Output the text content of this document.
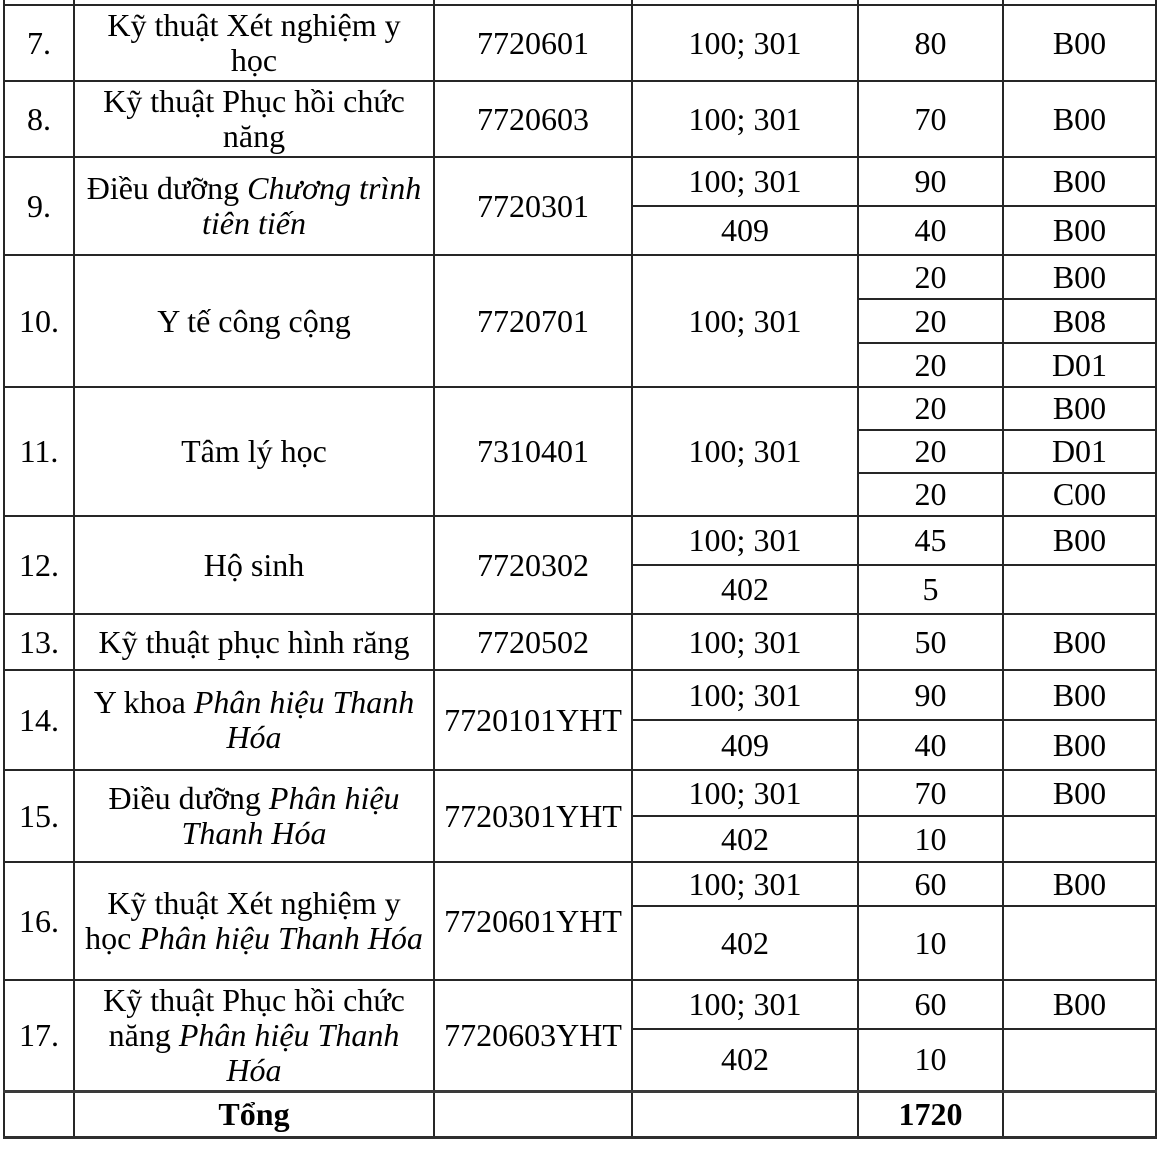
7.	Kỹ thuật Xét nghiệm y học	7720601	100; 301	80	B00
8.	Kỹ thuật Phục hồi chức năng	7720603	100; 301	70	B00
9.	Điều dưỡng Chương trình tiên tiến	7720301	100; 301	90	B00
			409	40	B00
10.	Y tế công cộng	7720701	100; 301	20	B00
				20	B08
				20	D01
11.	Tâm lý học	7310401	100; 301	20	B00
				20	D01
				20	C00
12.	Hộ sinh	7720302	100; 301	45	B00
			402	5	
13.	Kỹ thuật phục hình răng	7720502	100; 301	50	B00
14.	Y khoa Phân hiệu Thanh Hóa	7720101YHT	100; 301	90	B00
			409	40	B00
15.	Điều dưỡng Phân hiệu Thanh Hóa	7720301YHT	100; 301	70	B00
			402	10	
16.	Kỹ thuật Xét nghiệm y học Phân hiệu Thanh Hóa	7720601YHT	100; 301	60	B00
			402	10	
17.	Kỹ thuật Phục hồi chức năng Phân hiệu Thanh Hóa	7720603YHT	100; 301	60	B00
			402	10	
	Tổng			1720	
